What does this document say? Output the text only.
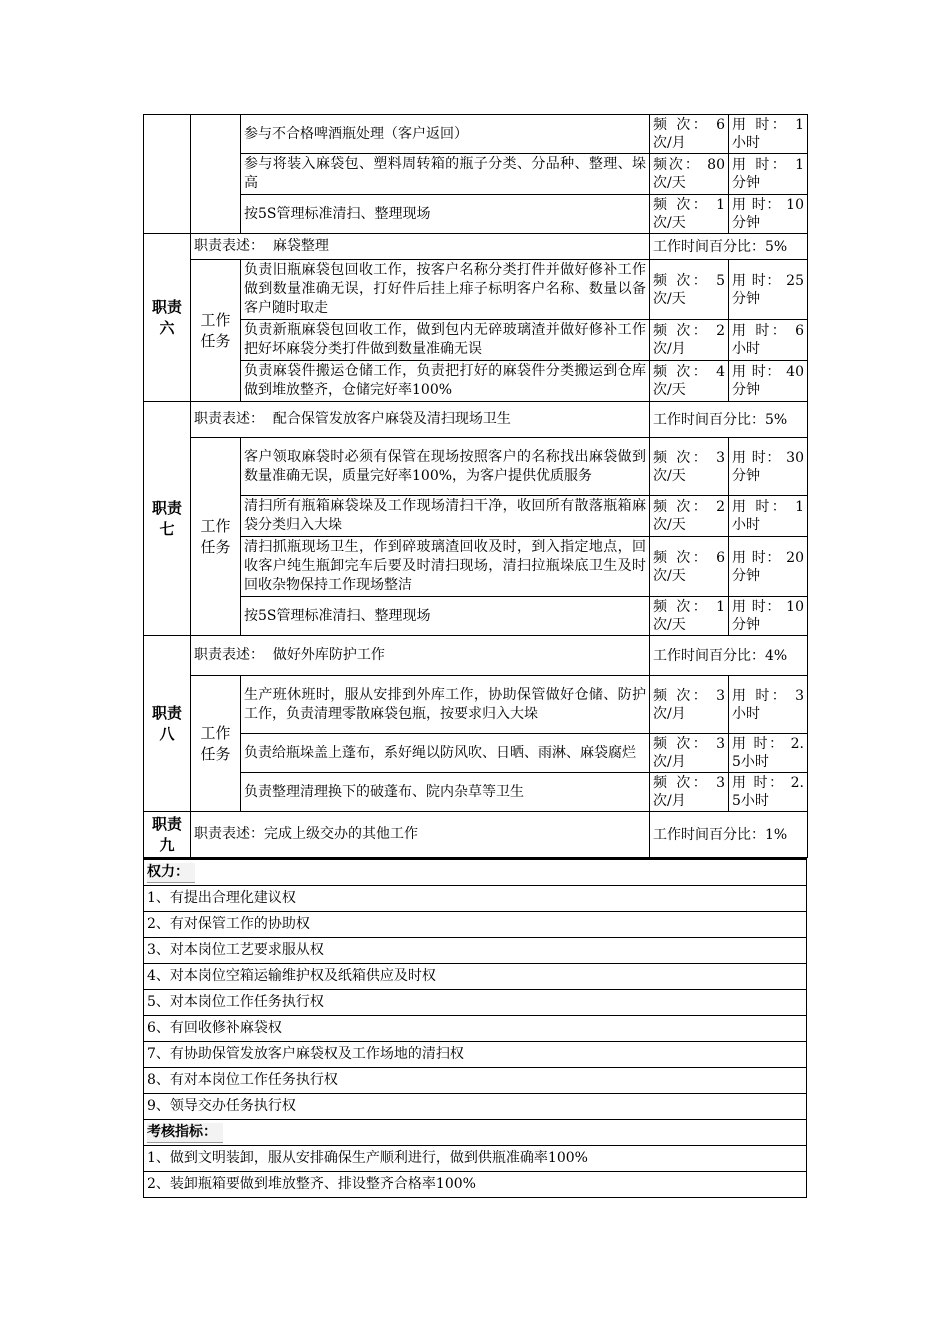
		参与不合格啤酒瓶处理（客户返回）	频 次： 6次/月	用 时： 1小时
		参与将装入麻袋包、塑料周转箱的瓶子分类、分品种、整理、垛高	频次： 80次/天	用 时： 1分钟
		按5S管理标准清扫、整理现场	频 次： 1次/天	用 时： 10分钟
职责六	职责表述： 麻袋整理		工作时间百分比：5%	
	工作任务	负责旧瓶麻袋包回收工作，按客户名称分类打件并做好修补工作做到数量准确无误，打好件后挂上痱子标明客户名称、数量以备客户随时取走	频 次： 5次/天	用 时： 25分钟
		负责新瓶麻袋包回收工作，做到包内无碎玻璃渣并做好修补工作把好坏麻袋分类打件做到数量准确无误	频 次： 2次/月	用 时： 6小时
		负责麻袋件搬运仓储工作，负责把打好的麻袋件分类搬运到仓库做到堆放整齐，仓储完好率100%	频 次： 4次/天	用 时： 40分钟
职责七	职责表述： 配合保管发放客户麻袋及清扫现场卫生		工作时间百分比：5%	
	工作任务	客户领取麻袋时必须有保管在现场按照客户的名称找出麻袋做到数量准确无误，质量完好率100%，为客户提供优质服务	频 次： 3次/天	用 时： 30分钟
		清扫所有瓶箱麻袋垛及工作现场清扫干净，收回所有散落瓶箱麻袋分类归入大垛	频 次： 2次/天	用 时： 1小时
		清扫抓瓶现场卫生，作到碎玻璃渣回收及时，到入指定地点，回收客户纯生瓶卸完车后要及时清扫现场，清扫拉瓶垛底卫生及时回收杂物保持工作现场整洁	频 次： 6次/天	用 时： 20分钟
		按5S管理标准清扫、整理现场	频 次： 1次/天	用 时： 10分钟
职责八	职责表述： 做好外库防护工作		工作时间百分比：4%	
	工作任务	生产班休班时，服从安排到外库工作，协助保管做好仓储、防护工作，负责清理零散麻袋包瓶，按要求归入大垛	频 次： 3次/月	用 时： 3小时
		负责给瓶垛盖上蓬布，系好绳以防风吹、日晒、雨淋、麻袋腐烂	频 次： 3次/月	用 时： 2.5小时
		负责整理清理换下的破蓬布、院内杂草等卫生	频 次： 3次/月	用 时： 2.5小时
职责九	职责表述：完成上级交办的其他工作		工作时间百分比：1%	
权力：
1、有提出合理化建议权
2、有对保管工作的协助权
3、对本岗位工艺要求服从权
4、对本岗位空箱运输维护权及纸箱供应及时权
5、对本岗位工作任务执行权
6、有回收修补麻袋权
7、有协助保管发放客户麻袋权及工作场地的清扫权
8、有对本岗位工作任务执行权
9、领导交办任务执行权
考核指标：
1、做到文明装卸，服从安排确保生产顺利进行，做到供瓶准确率100%
2、装卸瓶箱要做到堆放整齐、排设整齐合格率100%
